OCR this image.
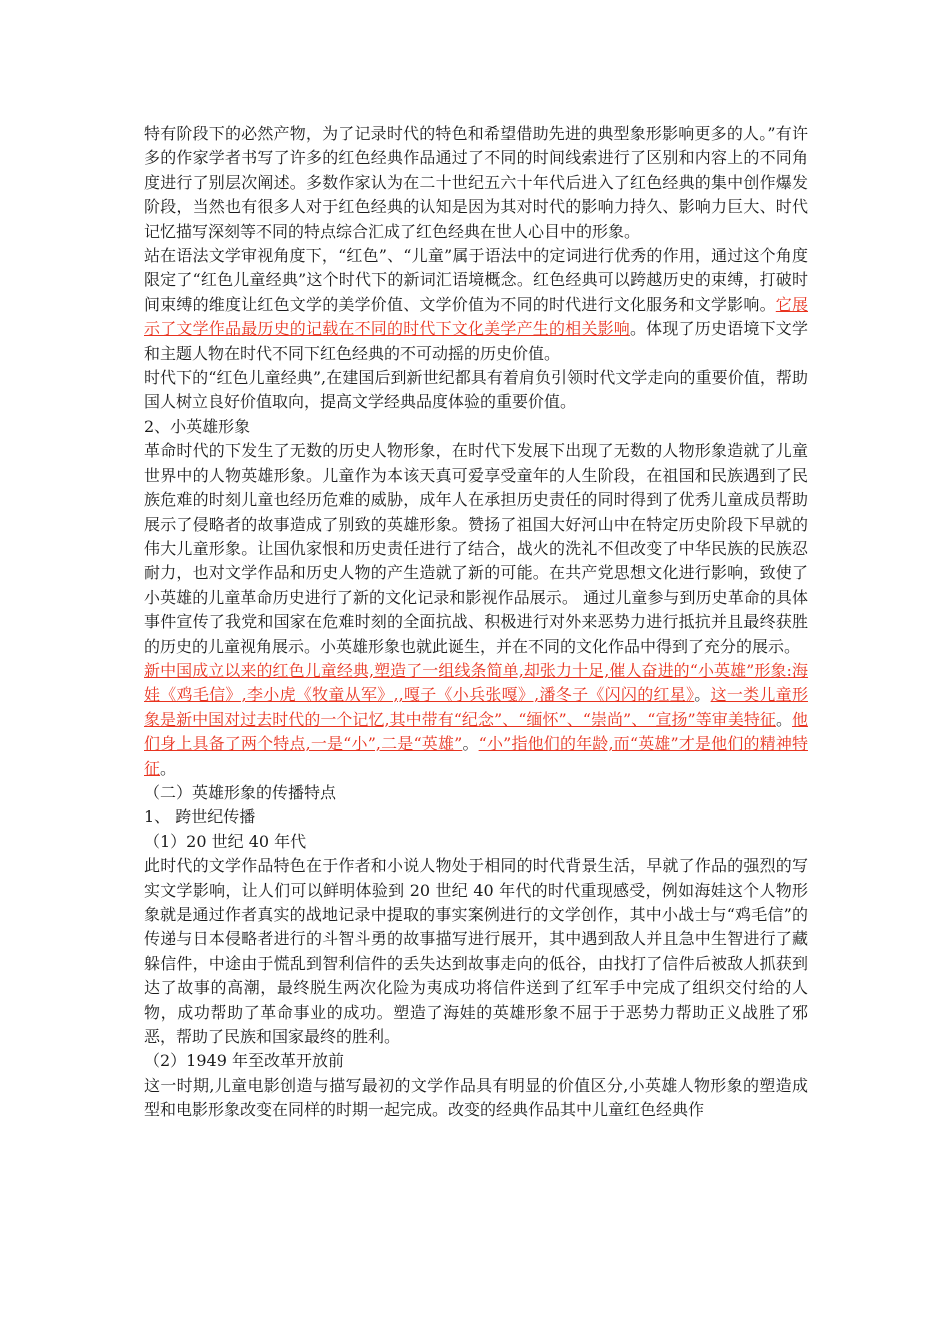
特有阶段下的必然产物，为了记录时代的特色和希望借助先进的典型象形影响更多的人。”有许多的作家学者书写了许多的红色经典作品通过了不同的时间线索进行了区别和内容上的不同角度进行了别层次阐述。多数作家认为在二十世纪五六十年代后进入了红色经典的集中创作爆发阶段，当然也有很多人对于红色经典的认知是因为其对时代的影响力持久、影响力巨大、时代记忆描写深刻等不同的特点综合汇成了红色经典在世人心目中的形象。

站在语法文学审视角度下，“红色”、“儿童”属于语法中的定词进行优秀的作用，通过这个角度限定了“红色儿童经典”这个时代下的新词汇语境概念。红色经典可以跨越历史的束缚，打破时间束缚的维度让红色文学的美学价值、文学价值为不同的时代进行文化服务和文学影响。它展示了文学作品最历史的记载在不同的时代下文化美学产生的相关影响。体现了历史语境下文学和主题人物在时代不同下红色经典的不可动摇的历史价值。

时代下的“红色儿童经典”,在建国后到新世纪都具有着肩负引领时代文学走向的重要价值，帮助国人树立良好价值取向，提高文学经典品度体验的重要价值。

2、小英雄形象

革命时代的下发生了无数的历史人物形象，在时代下发展下出现了无数的人物形象造就了儿童世界中的人物英雄形象。儿童作为本该天真可爱享受童年的人生阶段，在祖国和民族遇到了民族危难的时刻儿童也经历危难的威胁，成年人在承担历史责任的同时得到了优秀儿童成员帮助展示了侵略者的故事造成了别致的英雄形象。赞扬了祖国大好河山中在特定历史阶段下早就的伟大儿童形象。让国仇家恨和历史责任进行了结合，战火的洗礼不但改变了中华民族的民族忍耐力，也对文学作品和历史人物的产生造就了新的可能。在共产党思想文化进行影响，致使了小英雄的儿童革命历史进行了新的文化记录和影视作品展示。 通过儿童参与到历史革命的具体事件宣传了我党和国家在危难时刻的全面抗战、积极进行对外来恶势力进行抵抗并且最终获胜的历史的儿童视角展示。小英雄形象也就此诞生，并在不同的文化作品中得到了充分的展示。

新中国成立以来的红色儿童经典,塑造了一组线条简单,却张力十足,催人奋进的“小英雄”形象:海娃《鸡毛信》,李小虎《牧童从军》,,嘎子《小兵张嘎》,潘冬子《闪闪的红星》。这一类儿童形象是新中国对过去时代的一个记忆,其中带有“纪念”、“缅怀”、“崇尚”、“宣扬”等审美特征。他们身上具备了两个特点,一是“小”,二是“英雄”。“小”指他们的年龄,而“英雄”才是他们的精神特征。

（二）英雄形象的传播特点

1、 跨世纪传播

（1）20 世纪 40 年代

此时代的文学作品特色在于作者和小说人物处于相同的时代背景生活，早就了作品的强烈的写实文学影响，让人们可以鲜明体验到 20 世纪 40 年代的时代重现感受，例如海娃这个人物形象就是通过作者真实的战地记录中提取的事实案例进行的文学创作，其中小战士与“鸡毛信”的传递与日本侵略者进行的斗智斗勇的故事描写进行展开，其中遇到敌人并且急中生智进行了藏躲信件，中途由于慌乱到智利信件的丢失达到故事走向的低谷，由找打了信件后被敌人抓获到达了故事的高潮，最终脱生两次化险为夷成功将信件送到了红军手中完成了组织交付给的人物，成功帮助了革命事业的成功。塑造了海娃的英雄形象不屈于于恶势力帮助正义战胜了邪恶，帮助了民族和国家最终的胜利。

（2）1949 年至改革开放前

这一时期,儿童电影创造与描写最初的文学作品具有明显的价值区分,小英雄人物形象的塑造成型和电影形象改变在同样的时期一起完成。改变的经典作品其中儿童红色经典作
